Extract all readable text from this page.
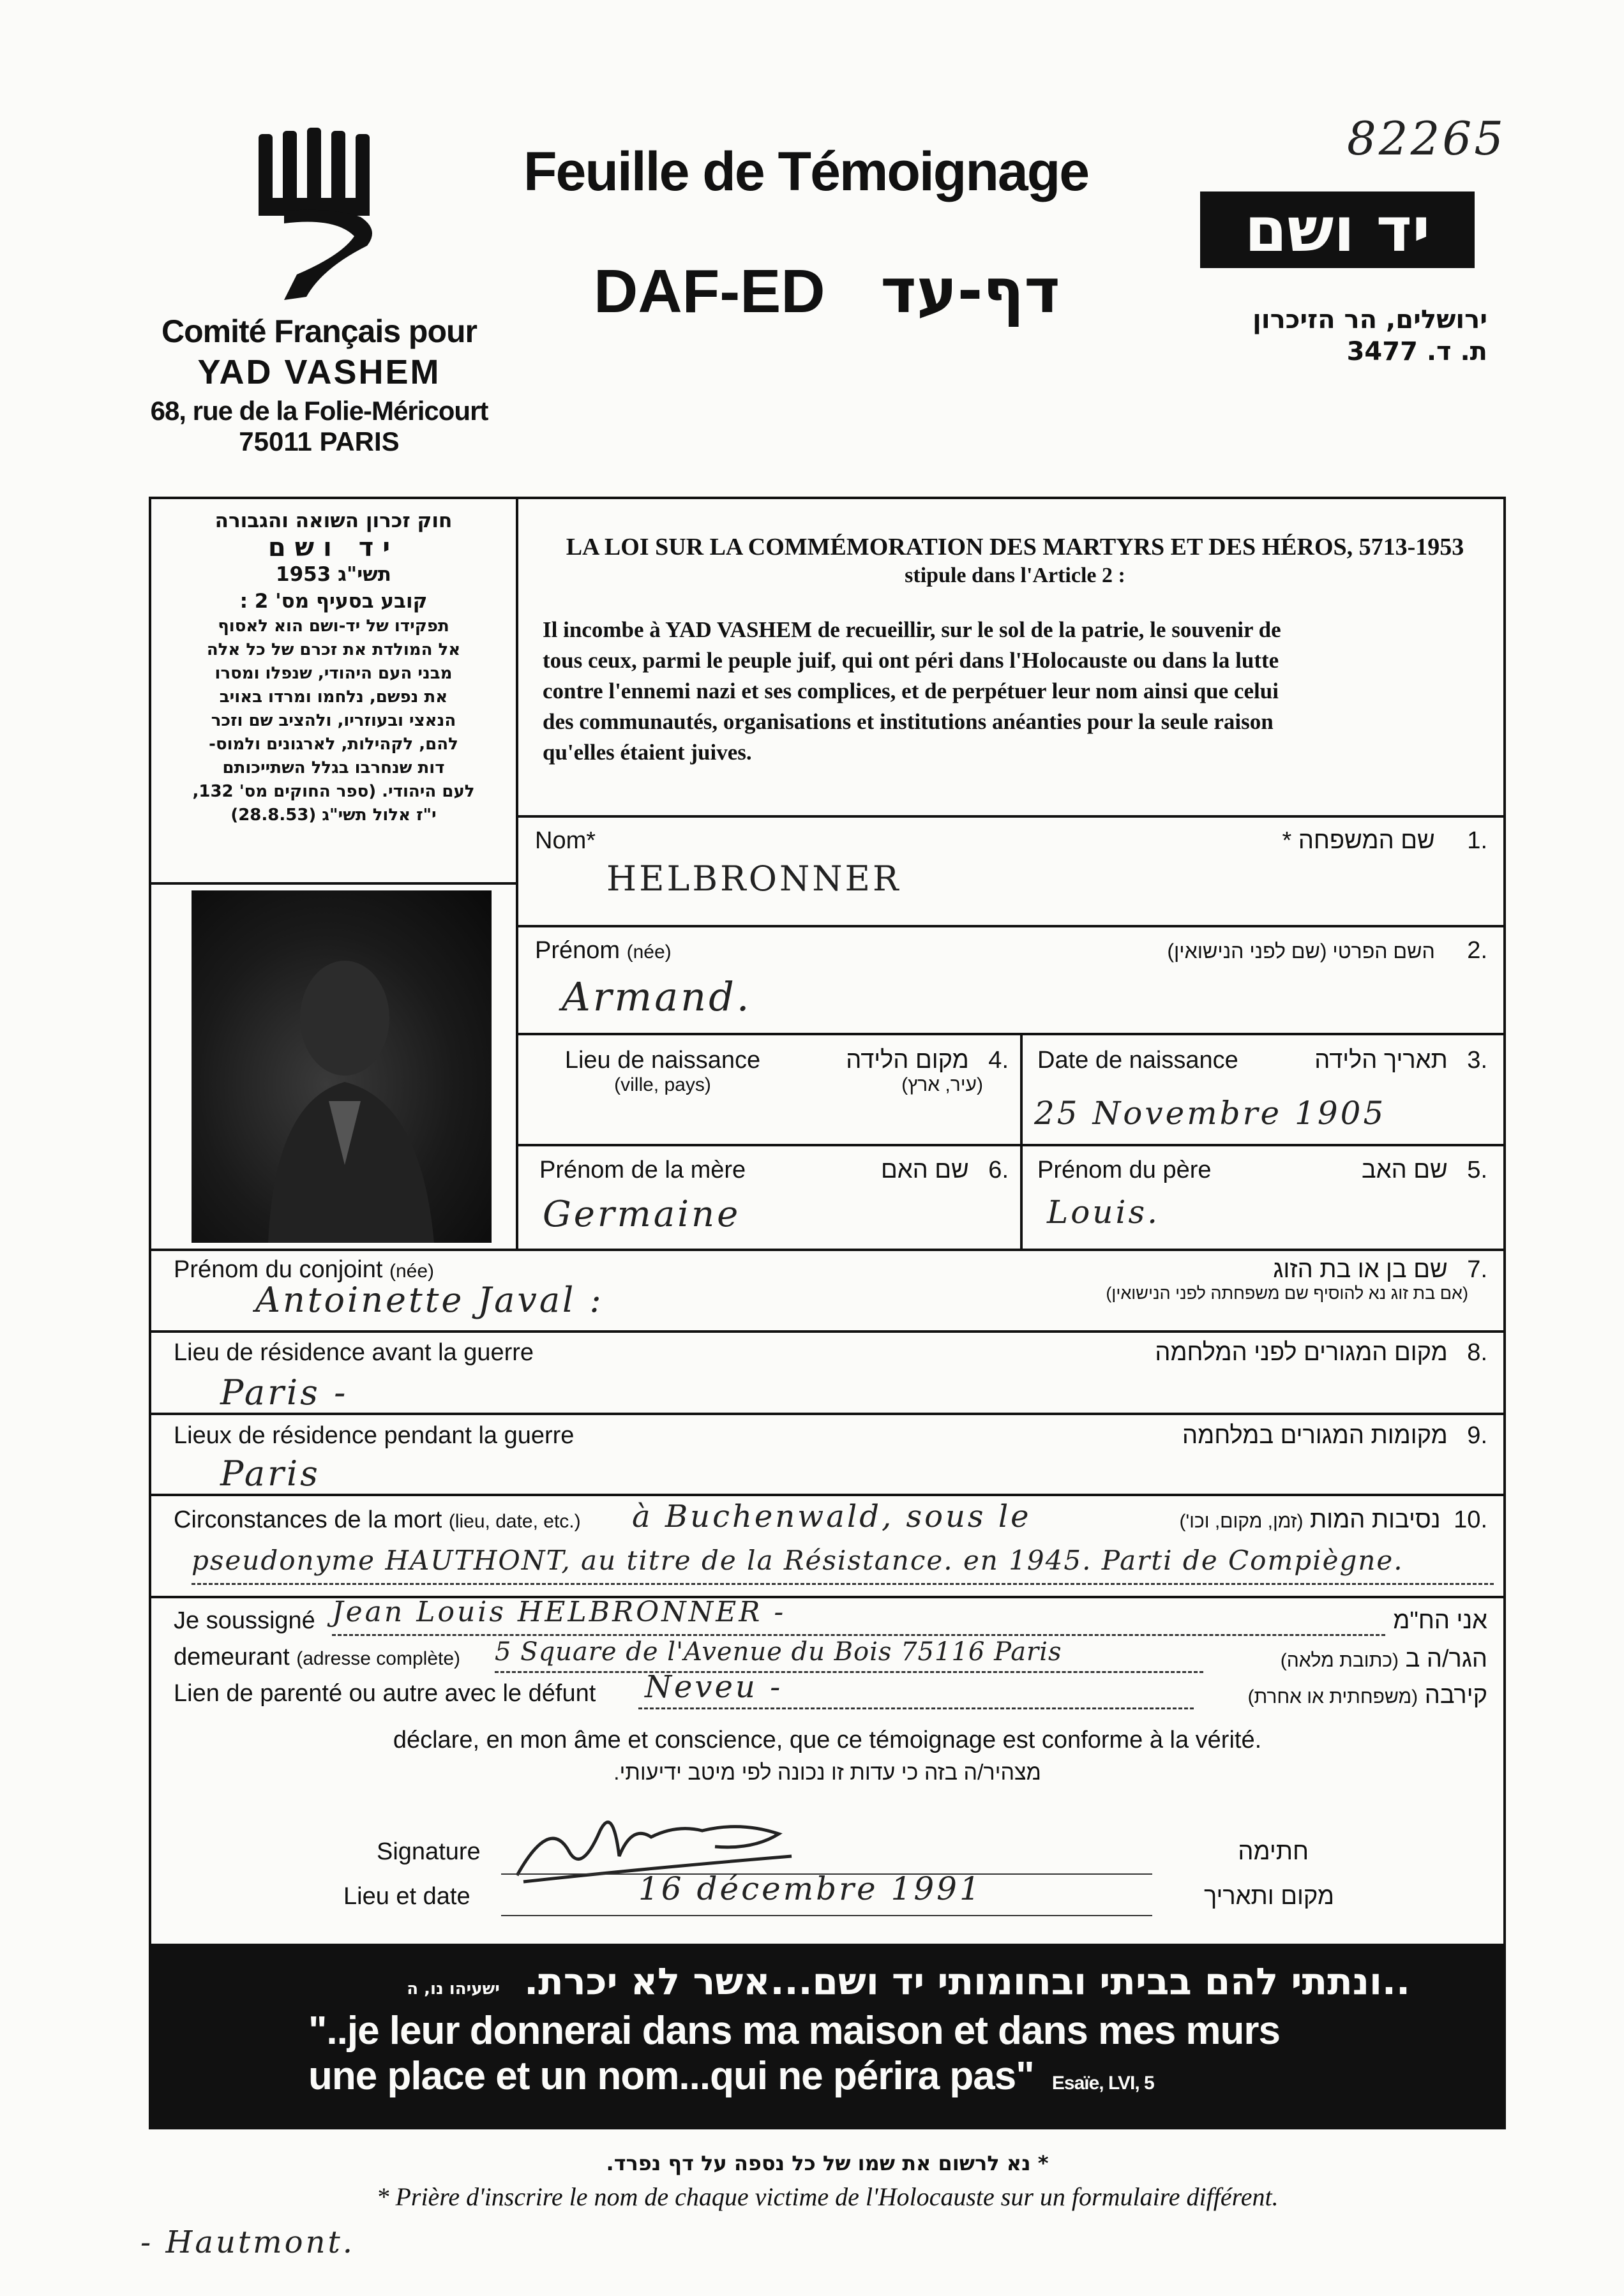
82265
Comité Français pour
YAD VASHEM
68, rue de la Folie-Méricourt
75011 PARIS
Feuille de Témoignage
DAF-ED דף-עד
יד ושם
ירושלים, הר הזיכרון
ת. ד. 3477
חוק זכרון השואה והגבורה
יד ושם
תשי"ג 1953
קובע בסעיף מס' 2 :
תפקידו של יד-ושם הוא לאסוף
אל המולדת את זכרם של כל אלה
מבני העם היהודי, שנפלו ומסרו
את נפשם, נלחמו ומרדו באויב
הנאצי ובעוזריו, ולהציב שם וזכר
להם, לקהילות, לארגונים ולמוס-
דות שנחרבו בגלל השתייכותם
לעם היהודי. (ספר החוקים מס' 132,
י"ז אלול תשי"ג (28.8.53)
LA LOI SUR LA COMMÉMORATION DES MARTYRS ET DES HÉROS, 5713-1953
stipule dans l'Article 2 :
Il incombe à YAD VASHEM de recueillir, sur le sol de la patrie, le souvenir de
tous ceux, parmi le peuple juif, qui ont péri dans l'Holocauste ou dans la lutte
contre l'ennemi nazi et ses complices, et de perpétuer leur nom ainsi que celui
des communautés, organisations et institutions anéanties pour la seule raison
qu'elles étaient juives.
Nom*	.1 שם המשפחה *
HELBRONNER
Prénom (née)	.2 השם הפרטי (שם לפני הנישואין)
Armand.
Lieu de naissance
(ville, pays)
.4 מקום הלידה
(עיר, ארץ)
Date de naissance	.3 תאריך הלידה
25 Novembre 1905
Prénom de la mère	.6 שם האם
Germaine
Prénom du père	.5 שם האב
Louis.
Prénom du conjoint (née)	.7 שם בן או בת הזוג
(אם בת זוג נא להוסיף שם משפחתה לפני הנישואין)
Antoinette Javal :
Lieu de résidence avant la guerre	.8 מקום המגורים לפני המלחמה
Paris -
Lieux de résidence pendant la guerre	.9 מקומות המגורים במלחמה
Paris
Circonstances de la mort (lieu, date, etc.) à Buchenwald, sous le	.10 נסיבות המות (זמן, מקום, וכו')
pseudonyme HAUTHONT, au titre de la Résistance. en 1945. Parti de Compiègne.
Je soussigné Jean Louis HELBRONNER -	אני הח"מ
demeurant (adresse complète) 5 Square de l'Avenue du Bois 75116 Paris	הגר/ה ב (כתובת מלאה)
Lien de parenté ou autre avec le défunt Neveu -	קירבה (משפחתית או אחרת)
déclare, en mon âme et conscience, que ce témoignage est conforme à la vérité.
מצהיר/ה בזה כי עדות זו נכונה לפי מיטב ידיעותי.
Signature	חתימה
Lieu et date	16 décembre 1991	מקום ותאריך
..ונתתי להם בביתי ובחומותי יד ושם...אשר לא יכרת. ישעיהו נו, ה
"..je leur donnerai dans ma maison et dans mes murs
une place et un nom...qui ne périra pas" Esaïe, LVI, 5
* נא לרשום את שמו של כל נספה על דף נפרד.
* Prière d'inscrire le nom de chaque victime de l'Holocauste sur un formulaire différent.
- Hautmont.
